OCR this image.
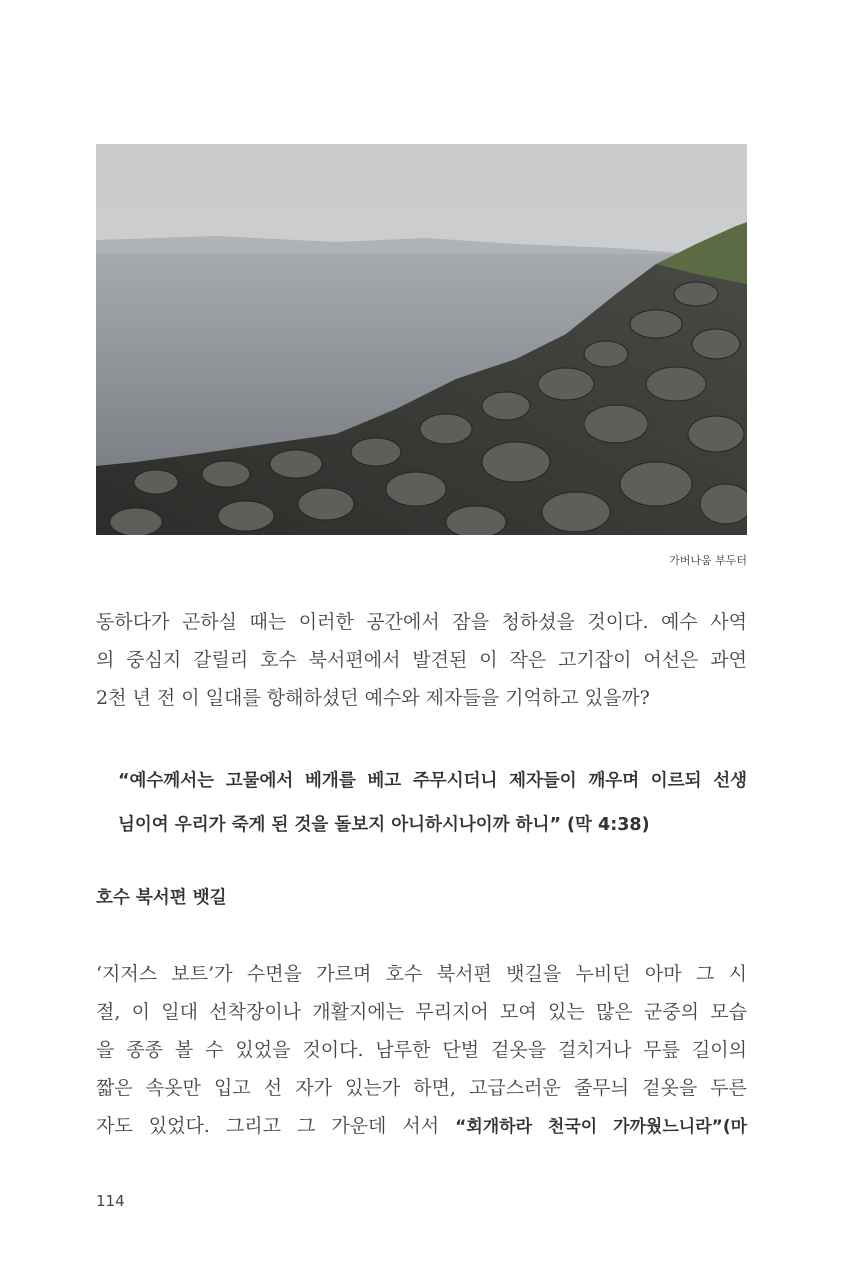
가버나움 부두터
동하다가 곤하실 때는 이러한 공간에서 잠을 청하셨을 것이다. 예수 사역
의 중심지 갈릴리 호수 북서편에서 발견된 이 작은 고기잡이 어선은 과연
2천 년 전 이 일대를 항해하셨던 예수와 제자들을 기억하고 있을까?
“예수께서는 고물에서 베개를 베고 주무시더니 제자들이 깨우며 이르되 선생
님이여 우리가 죽게 된 것을 돌보지 아니하시나이까 하니” (막 4:38)
호수 북서편 뱃길
‘지저스 보트’가 수면을 가르며 호수 북서편 뱃길을 누비던 아마 그 시
절, 이 일대 선착장이나 개활지에는 무리지어 모여 있는 많은 군중의 모습
을 종종 볼 수 있었을 것이다. 남루한 단벌 겉옷을 걸치거나 무릎 길이의
짧은 속옷만 입고 선 자가 있는가 하면, 고급스러운 줄무늬 겉옷을 두른
자도 있었다. 그리고 그 가운데 서서 “회개하라 천국이 가까웠느니라”(마
114
